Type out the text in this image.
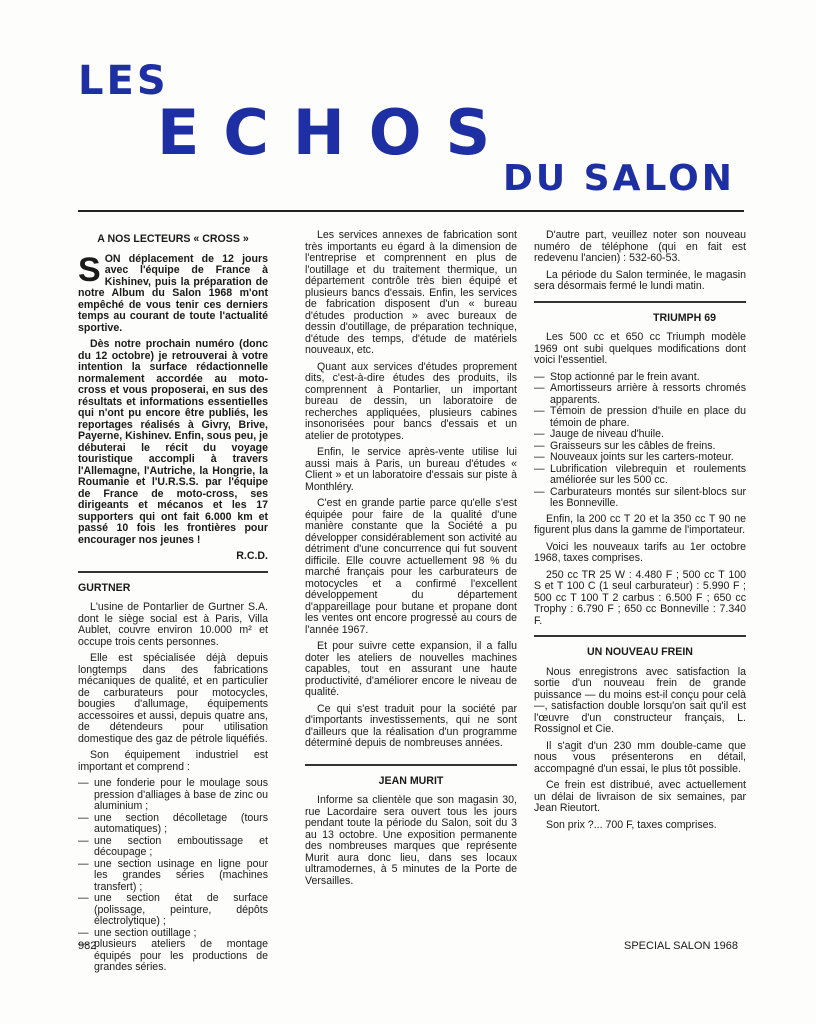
LES
ECHOS
DU SALON
A NOS LECTEURS « CROSS »

SON déplacement de 12 jours avec l'équipe de France à Kishinev, puis la préparation de notre Album du Salon 1968 m'ont empêché de vous tenir ces derniers temps au courant de toute l'actualité sportive.

Dès notre prochain numéro (donc du 12 octobre) je retrouverai à votre intention la surface rédactionnelle normalement accordée au moto-cross et vous proposerai, en sus des résultats et informations essentielles qui n'ont pu encore être publiés, les reportages réalisés à Givry, Brive, Payerne, Kishinev. Enfin, sous peu, je débuterai le récit du voyage touristique accompli à travers l'Allemagne, l'Autriche, la Hongrie, la Roumanie et l'U.R.S.S. par l'équipe de France de moto-cross, ses dirigeants et mécanos et les 17 supporters qui ont fait 6.000 km et passé 10 fois les frontières pour encourager nos jeunes !

R.C.D.
GURTNER

L'usine de Pontarlier de Gurtner S.A. dont le siège social est à Paris, Villa Aublet, couvre environ 10.000 m² et occupe trois cents personnes.

Elle est spécialisée déjà depuis longtemps dans des fabrications mécaniques de qualité, et en particulier de carburateurs pour motocycles, bougies d'allumage, équipements accessoires et aussi, depuis quatre ans, de détendeurs pour utilisation domestique des gaz de pétrole liquéfiés.

Son équipement industriel est important et comprend :

— une fonderie pour le moulage sous pression d'alliages à base de zinc ou aluminium ;
— une section décolletage (tours automatiques) ;
— une section emboutissage et découpage ;
— une section usinage en ligne pour les grandes séries (machines transfert) ;
— une section état de surface (polissage, peinture, dépôts électrolytique) ;
— une section outillage ;
— plusieurs ateliers de montage équipés pour les productions de grandes séries.

Les services annexes de fabrication sont très importants eu égard à la dimension de l'entreprise et comprennent en plus de l'outillage et du traitement thermique, un département contrôle très bien équipé et plusieurs bancs d'essais. Enfin, les services de fabrication disposent d'un « bureau d'études production » avec bureaux de dessin d'outillage, de préparation technique, d'étude des temps, d'étude de matériels nouveaux, etc.

Quant aux services d'études proprement dits, c'est-à-dire études des produits, ils comprennent à Pontarlier, un important bureau de dessin, un laboratoire de recherches appliquées, plusieurs cabines insonorisées pour bancs d'essais et un atelier de prototypes.

Enfin, le service après-vente utilise lui aussi mais à Paris, un bureau d'études « Client » et un laboratoire d'essais sur piste à Monthléry.

C'est en grande partie parce qu'elle s'est équipée pour faire de la qualité d'une manière constante que la Société a pu développer considérablement son activité au détriment d'une concurrence qui fut souvent difficile. Elle couvre actuellement 98 % du marché français pour les carburateurs de motocycles et a confirmé l'excellent développement du département d'appareillage pour butane et propane dont les ventes ont encore progressé au cours de l'année 1967.

Et pour suivre cette expansion, il a fallu doter les ateliers de nouvelles machines capables, tout en assurant une haute productivité, d'améliorer encore le niveau de qualité.

Ce qui s'est traduit pour la société par d'importants investissements, qui ne sont d'ailleurs que la réalisation d'un programme déterminé depuis de nombreuses années.

JEAN MURIT

Informe sa clientèle que son magasin 30, rue Lacordaire sera ouvert tous les jours pendant toute la période du Salon, soit du 3 au 13 octobre. Une exposition permanente des nombreuses marques que représente Murit aura donc lieu, dans ses locaux ultramodernes, à 5 minutes de la Porte de Versailles.

D'autre part, veuillez noter son nouveau numéro de téléphone (qui en fait est redevenu l'ancien) : 532-60-53.

La période du Salon terminée, le magasin sera désormais fermé le lundi matin.

TRIUMPH 69

Les 500 cc et 650 cc Triumph modèle 1969 ont subi quelques modifications dont voici l'essentiel.

— Stop actionné par le frein avant.
— Amortisseurs arrière à ressorts chromés apparents.
— Témoin de pression d'huile en place du témoin de phare.
— Jauge de niveau d'huile.
— Graisseurs sur les câbles de freins.
— Nouveaux joints sur les carters-moteur.
— Lubrification vilebrequin et roulements améliorée sur les 500 cc.
— Carburateurs montés sur silent-blocs sur les Bonneville.

Enfin, la 200 cc T 20 et la 350 cc T 90 ne figurent plus dans la gamme de l'importateur.

Voici les nouveaux tarifs au 1er octobre 1968, taxes comprises.

250 cc TR 25 W : 4.480 F ; 500 cc T 100 S et T 100 C (1 seul carburateur) : 5.990 F ; 500 cc T 100 T 2 carbus : 6.500 F ; 650 cc Trophy : 6.790 F ; 650 cc Bonneville : 7.340 F.

UN NOUVEAU FREIN

Nous enregistrons avec satisfaction la sortie d'un nouveau frein de grande puissance — du moins est-il conçu pour celà —, satisfaction double lorsqu'on sait qu'il est l'œuvre d'un constructeur français, L. Rossignol et Cie.

Il s'agit d'un 230 mm double-came que nous vous présenterons en détail, accompagné d'un essai, le plus tôt possible.

Ce frein est distribué, avec actuellement un délai de livraison de six semaines, par Jean Rieutort.

Son prix ?... 700 F, taxes comprises.

982	SPECIAL SALON 1968
